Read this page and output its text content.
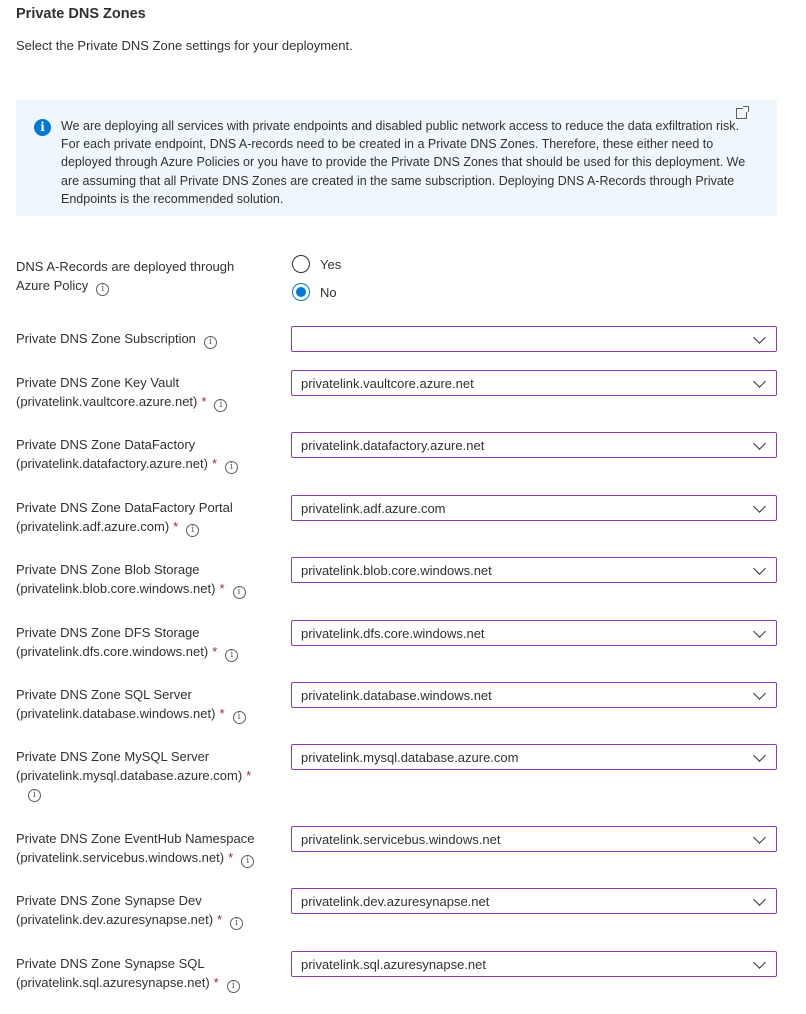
Private DNS Zones
Select the Private DNS Zone settings for your deployment.
i	We are deploying all services with private endpoints and disabled public network access to reduce the data exfiltration risk. For each private endpoint, DNS A-records need to be created in a Private DNS Zones. Therefore, these either need to deployed through Azure Policies or you have to provide the Private DNS Zones that should be used for this deployment. We are assuming that all Private DNS Zones are created in the same subscription. Deploying DNS A-Records through Private Endpoints is the recommended solution.
DNS A-Records are deployed through
Azure Policy i
Yes
No
Private DNS Zone Subscription i
Private DNS Zone Key Vault
(privatelink.vaultcore.azure.net) * i
privatelink.vaultcore.azure.net
Private DNS Zone DataFactory
(privatelink.datafactory.azure.net) * i
privatelink.datafactory.azure.net
Private DNS Zone DataFactory Portal
(privatelink.adf.azure.com) * i
privatelink.adf.azure.com
Private DNS Zone Blob Storage
(privatelink.blob.core.windows.net) * i
privatelink.blob.core.windows.net
Private DNS Zone DFS Storage
(privatelink.dfs.core.windows.net) * i
privatelink.dfs.core.windows.net
Private DNS Zone SQL Server
(privatelink.database.windows.net) * i
privatelink.database.windows.net
Private DNS Zone MySQL Server
(privatelink.mysql.database.azure.com) *
i
privatelink.mysql.database.azure.com
Private DNS Zone EventHub Namespace
(privatelink.servicebus.windows.net) * i
privatelink.servicebus.windows.net
Private DNS Zone Synapse Dev
(privatelink.dev.azuresynapse.net) * i
privatelink.dev.azuresynapse.net
Private DNS Zone Synapse SQL
(privatelink.sql.azuresynapse.net) * i
privatelink.sql.azuresynapse.net
